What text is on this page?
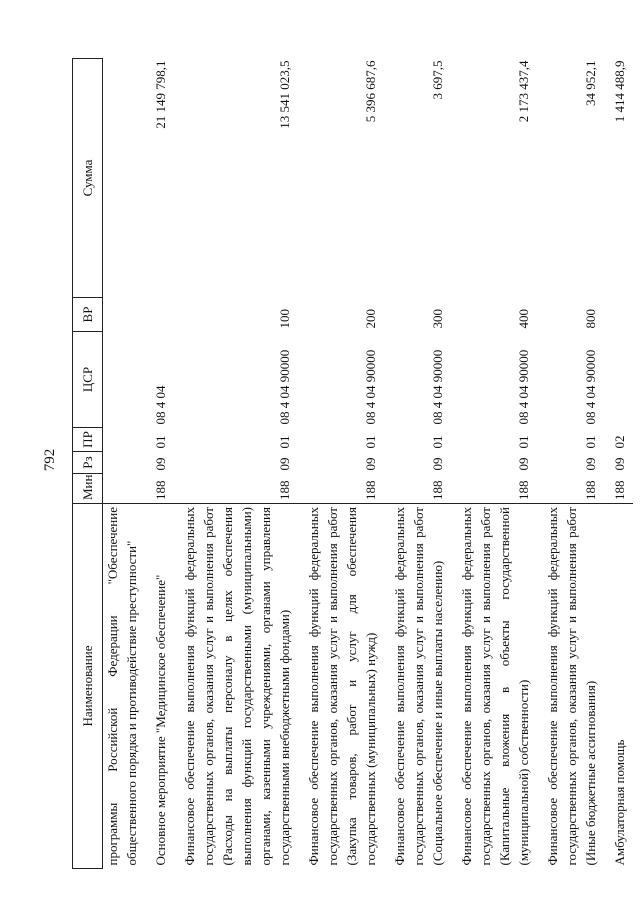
792
Наименование	Мин	Рз	ПР	ЦСР	ВР	Сумма
программы Российской Федерации "Обеспечение общественного порядка и противодействие преступности"						
Основное мероприятие "Медицинское обеспечение"	188	09	01	08 4 04		21 149 798,1
Финансовое обеспечение выполнения функций федеральных государственных органов, оказания услуг и выполнения работ (Расходы на выплаты персоналу в целях обеспечения выполнения функций государственными (муниципальными) органами, казенными учреждениями, органами управления государственными внебюджетными фондами)	188	09	01	08 4 04 90000	100	13 541 023,5
Финансовое обеспечение выполнения функций федеральных государственных органов, оказания услуг и выполнения работ (Закупка товаров, работ и услуг для обеспечения государственных (муниципальных) нужд)	188	09	01	08 4 04 90000	200	5 396 687,6
Финансовое обеспечение выполнения функций федеральных государственных органов, оказания услуг и выполнения работ (Социальное обеспечение и иные выплаты населению)	188	09	01	08 4 04 90000	300	3 697,5
Финансовое обеспечение выполнения функций федеральных государственных органов, оказания услуг и выполнения работ (Капитальные вложения в объекты государственной (муниципальной) собственности)	188	09	01	08 4 04 90000	400	2 173 437,4
Финансовое обеспечение выполнения функций федеральных государственных органов, оказания услуг и выполнения работ (Иные бюджетные ассигнования)	188	09	01	08 4 04 90000	800	34 952,1
Амбулаторная помощь	188	09	02			1 414 488,9
